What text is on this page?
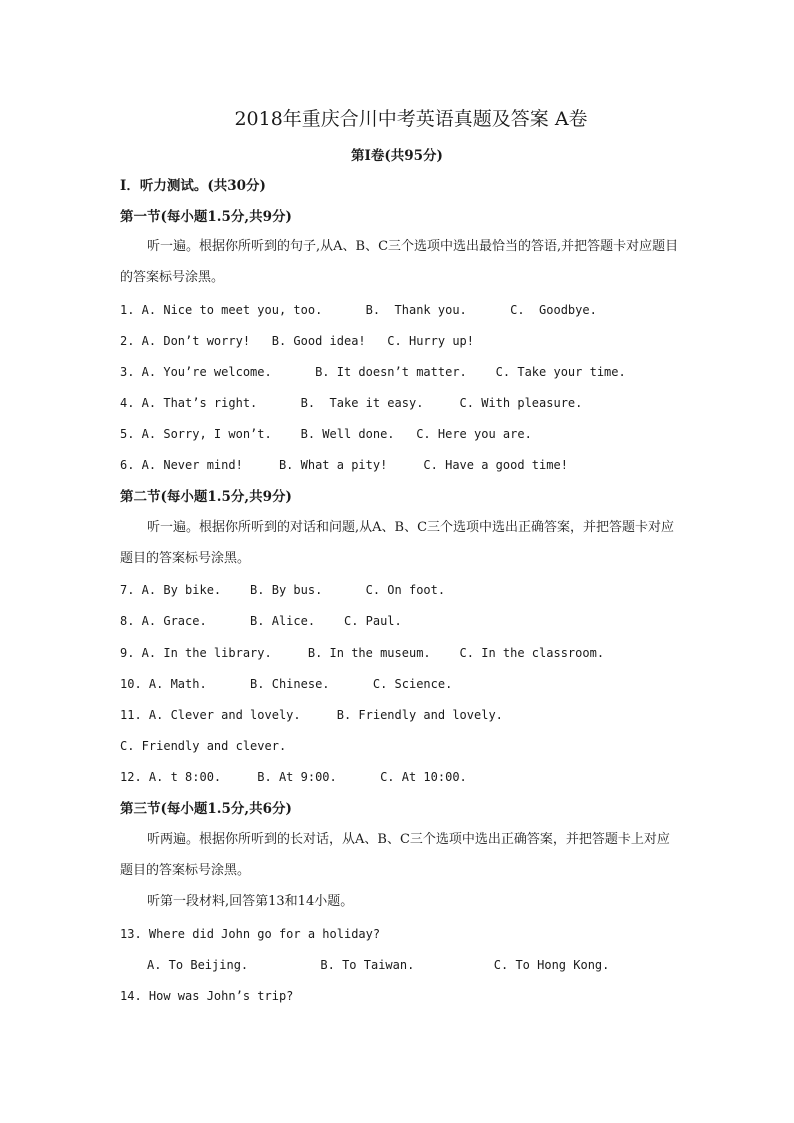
2018年重庆合川中考英语真题及答案 A卷
第Ⅰ卷(共95分)
Ⅰ．听力测试。(共30分)
第一节(每小题1.5分,共9分)
听一遍。根据你所听到的句子,从A、B、C三个选项中选出最恰当的答语,并把答题卡对应题目的答案标号涂黑。
1. A. Nice to meet you, too.      B.  Thank you.      C.  Goodbye.
2. A. Don’t worry!   B. Good idea!   C. Hurry up!
3. A. You’re welcome.      B. It doesn’t matter.    C. Take your time.
4. A. That’s right.      B.  Take it easy.     C. With pleasure.
5. A. Sorry, I won’t.    B. Well done.   C. Here you are.
6. A. Never mind!     B. What a pity!     C. Have a good time!
第二节(每小题1.5分,共9分)
听一遍。根据你所听到的对话和问题,从A、B、C三个选项中选出正确答案，并把答题卡对应题目的答案标号涂黑。
7. A. By bike.    B. By bus.      C. On foot.
8. A. Grace.      B. Alice.    C. Paul.
9. A. In the library.     B. In the museum.    C. In the classroom.
10. A. Math.      B. Chinese.      C. Science.
11. A. Clever and lovely.     B. Friendly and lovely.
C. Friendly and clever.
12. A. t 8:00.     B. At 9:00.      C. At 10:00.
第三节(每小题1.5分,共6分)
听两遍。根据你所听到的长对话，从A、B、C三个选项中选出正确答案，并把答题卡上对应题目的答案标号涂黑。
听第一段材料,回答第13和14小题。
13. Where did John go for a holiday?
A. To Beijing.          B. To Taiwan.           C. To Hong Kong.
14. How was John’s trip?
